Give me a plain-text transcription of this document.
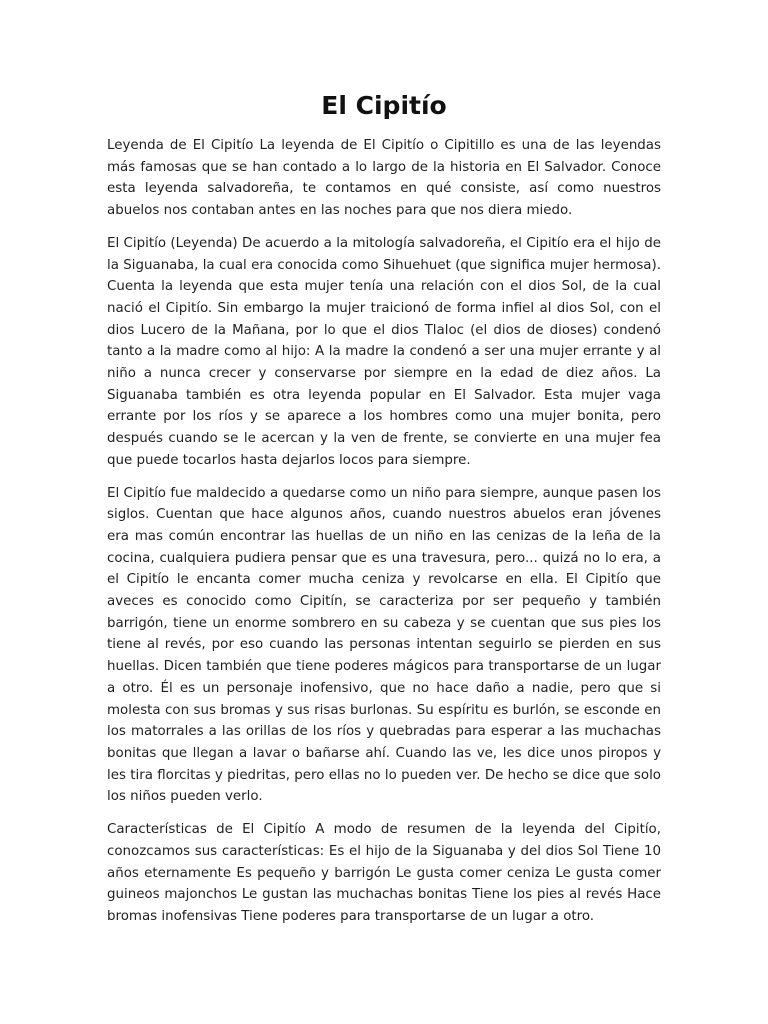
El Cipitío

Leyenda de El Cipitío La leyenda de El Cipitío o Cipitillo es una de las leyendas más famosas que se han contado a lo largo de la historia en El Salvador. Conoce esta leyenda salvadoreña, te contamos en qué consiste, así como nuestros abuelos nos contaban antes en las noches para que nos diera miedo.

El Cipitío (Leyenda) De acuerdo a la mitología salvadoreña, el Cipitío era el hijo de la Siguanaba, la cual era conocida como Sihuehuet (que significa mujer hermosa). Cuenta la leyenda que esta mujer tenía una relación con el dios Sol, de la cual nació el Cipitío. Sin embargo la mujer traicionó de forma infiel al dios Sol, con el dios Lucero de la Mañana, por lo que el dios Tlaloc (el dios de dioses) condenó tanto a la madre como al hijo: A la madre la condenó a ser una mujer errante y al niño a nunca crecer y conservarse por siempre en la edad de diez años. La Siguanaba también es otra leyenda popular en El Salvador. Esta mujer vaga errante por los ríos y se aparece a los hombres como una mujer bonita, pero después cuando se le acercan y la ven de frente, se convierte en una mujer fea que puede tocarlos hasta dejarlos locos para siempre.

El Cipitío fue maldecido a quedarse como un niño para siempre, aunque pasen los siglos. Cuentan que hace algunos años, cuando nuestros abuelos eran jóvenes era mas común encontrar las huellas de un niño en las cenizas de la leña de la cocina, cualquiera pudiera pensar que es una travesura, pero... quizá no lo era, a el Cipitío le encanta comer mucha ceniza y revolcarse en ella. El Cipitío que aveces es conocido como Cipitín, se caracteriza por ser pequeño y también barrigón, tiene un enorme sombrero en su cabeza y se cuentan que sus pies los tiene al revés, por eso cuando las personas intentan seguirlo se pierden en sus huellas. Dicen también que tiene poderes mágicos para transportarse de un lugar a otro. Él es un personaje inofensivo, que no hace daño a nadie, pero que si molesta con sus bromas y sus risas burlonas. Su espíritu es burlón, se esconde en los matorrales a las orillas de los ríos y quebradas para esperar a las muchachas bonitas que llegan a lavar o bañarse ahí. Cuando las ve, les dice unos piropos y les tira florcitas y piedritas, pero ellas no lo pueden ver. De hecho se dice que solo los niños pueden verlo.

Características de El Cipitío A modo de resumen de la leyenda del Cipitío, conozcamos sus características: Es el hijo de la Siguanaba y del dios Sol Tiene 10 años eternamente Es pequeño y barrigón Le gusta comer ceniza Le gusta comer guineos majonchos Le gustan las muchachas bonitas Tiene los pies al revés Hace bromas inofensivas Tiene poderes para transportarse de un lugar a otro.
